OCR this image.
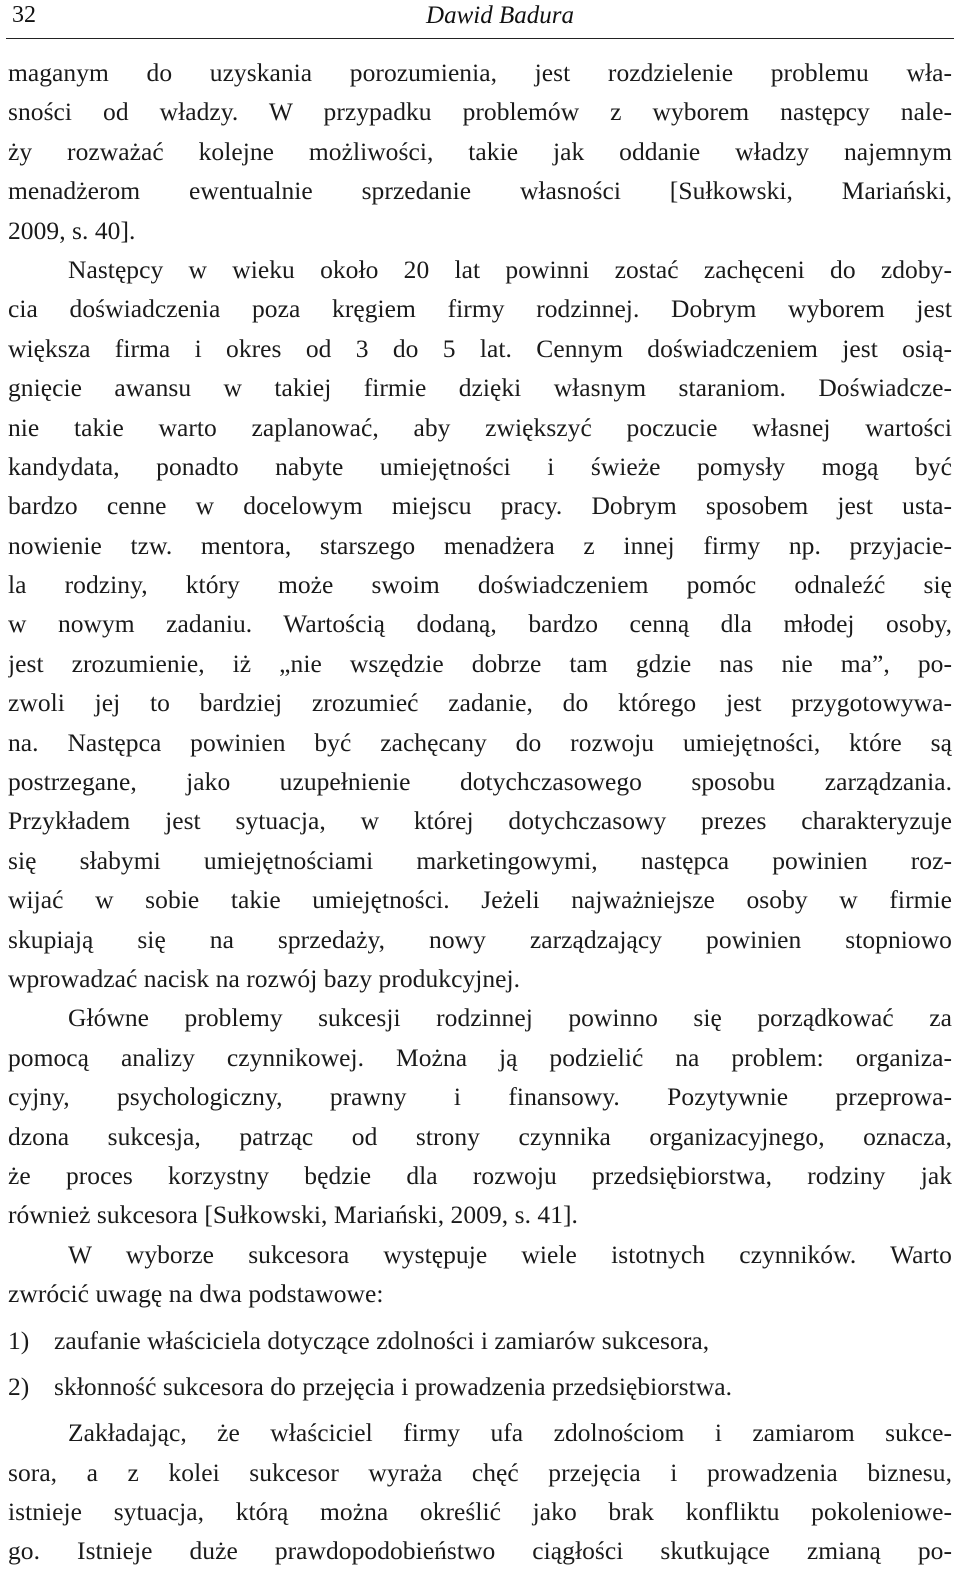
32	Dawid Badura
maganym do uzyskania porozumienia, jest rozdzielenie problemu wła-
sności od władzy. W przypadku problemów z wyborem następcy nale-
ży rozważać kolejne możliwości, takie jak oddanie władzy najemnym
menadżerom ewentualnie sprzedanie własności [Sułkowski, Mariański,
2009, s. 40].
Następcy w wieku około 20 lat powinni zostać zachęceni do zdoby-
cia doświadczenia poza kręgiem firmy rodzinnej. Dobrym wyborem jest
większa firma i okres od 3 do 5 lat. Cennym doświadczeniem jest osią-
gnięcie awansu w takiej firmie dzięki własnym staraniom. Doświadcze-
nie takie warto zaplanować, aby zwiększyć poczucie własnej wartości
kandydata, ponadto nabyte umiejętności i świeże pomysły mogą być
bardzo cenne w docelowym miejscu pracy. Dobrym sposobem jest usta-
nowienie tzw. mentora, starszego menadżera z innej firmy np. przyjacie-
la rodziny, który może swoim doświadczeniem pomóc odnaleźć się
w nowym zadaniu. Wartością dodaną, bardzo cenną dla młodej osoby,
jest zrozumienie, iż „nie wszędzie dobrze tam gdzie nas nie ma”, po-
zwoli jej to bardziej zrozumieć zadanie, do którego jest przygotowywa-
na. Następca powinien być zachęcany do rozwoju umiejętności, które są
postrzegane, jako uzupełnienie dotychczasowego sposobu zarządzania.
Przykładem jest sytuacja, w której dotychczasowy prezes charakteryzuje
się słabymi umiejętnościami marketingowymi, następca powinien roz-
wijać w sobie takie umiejętności. Jeżeli najważniejsze osoby w firmie
skupiają się na sprzedaży, nowy zarządzający powinien stopniowo
wprowadzać nacisk na rozwój bazy produkcyjnej.
Główne problemy sukcesji rodzinnej powinno się porządkować za
pomocą analizy czynnikowej. Można ją podzielić na problem: organiza-
cyjny, psychologiczny, prawny i finansowy. Pozytywnie przeprowa-
dzona sukcesja, patrząc od strony czynnika organizacyjnego, oznacza,
że proces korzystny będzie dla rozwoju przedsiębiorstwa, rodziny jak
również sukcesora [Sułkowski, Mariański, 2009, s. 41].
W wyborze sukcesora występuje wiele istotnych czynników. Warto
zwrócić uwagę na dwa podstawowe:
1) zaufanie właściciela dotyczące zdolności i zamiarów sukcesora,
2) skłonność sukcesora do przejęcia i prowadzenia przedsiębiorstwa.
Zakładając, że właściciel firmy ufa zdolnościom i zamiarom sukce-
sora, a z kolei sukcesor wyraża chęć przejęcia i prowadzenia biznesu,
istnieje sytuacja, którą można określić jako brak konfliktu pokoleniowe-
go. Istnieje duże prawdopodobieństwo ciągłości skutkujące zmianą po-
